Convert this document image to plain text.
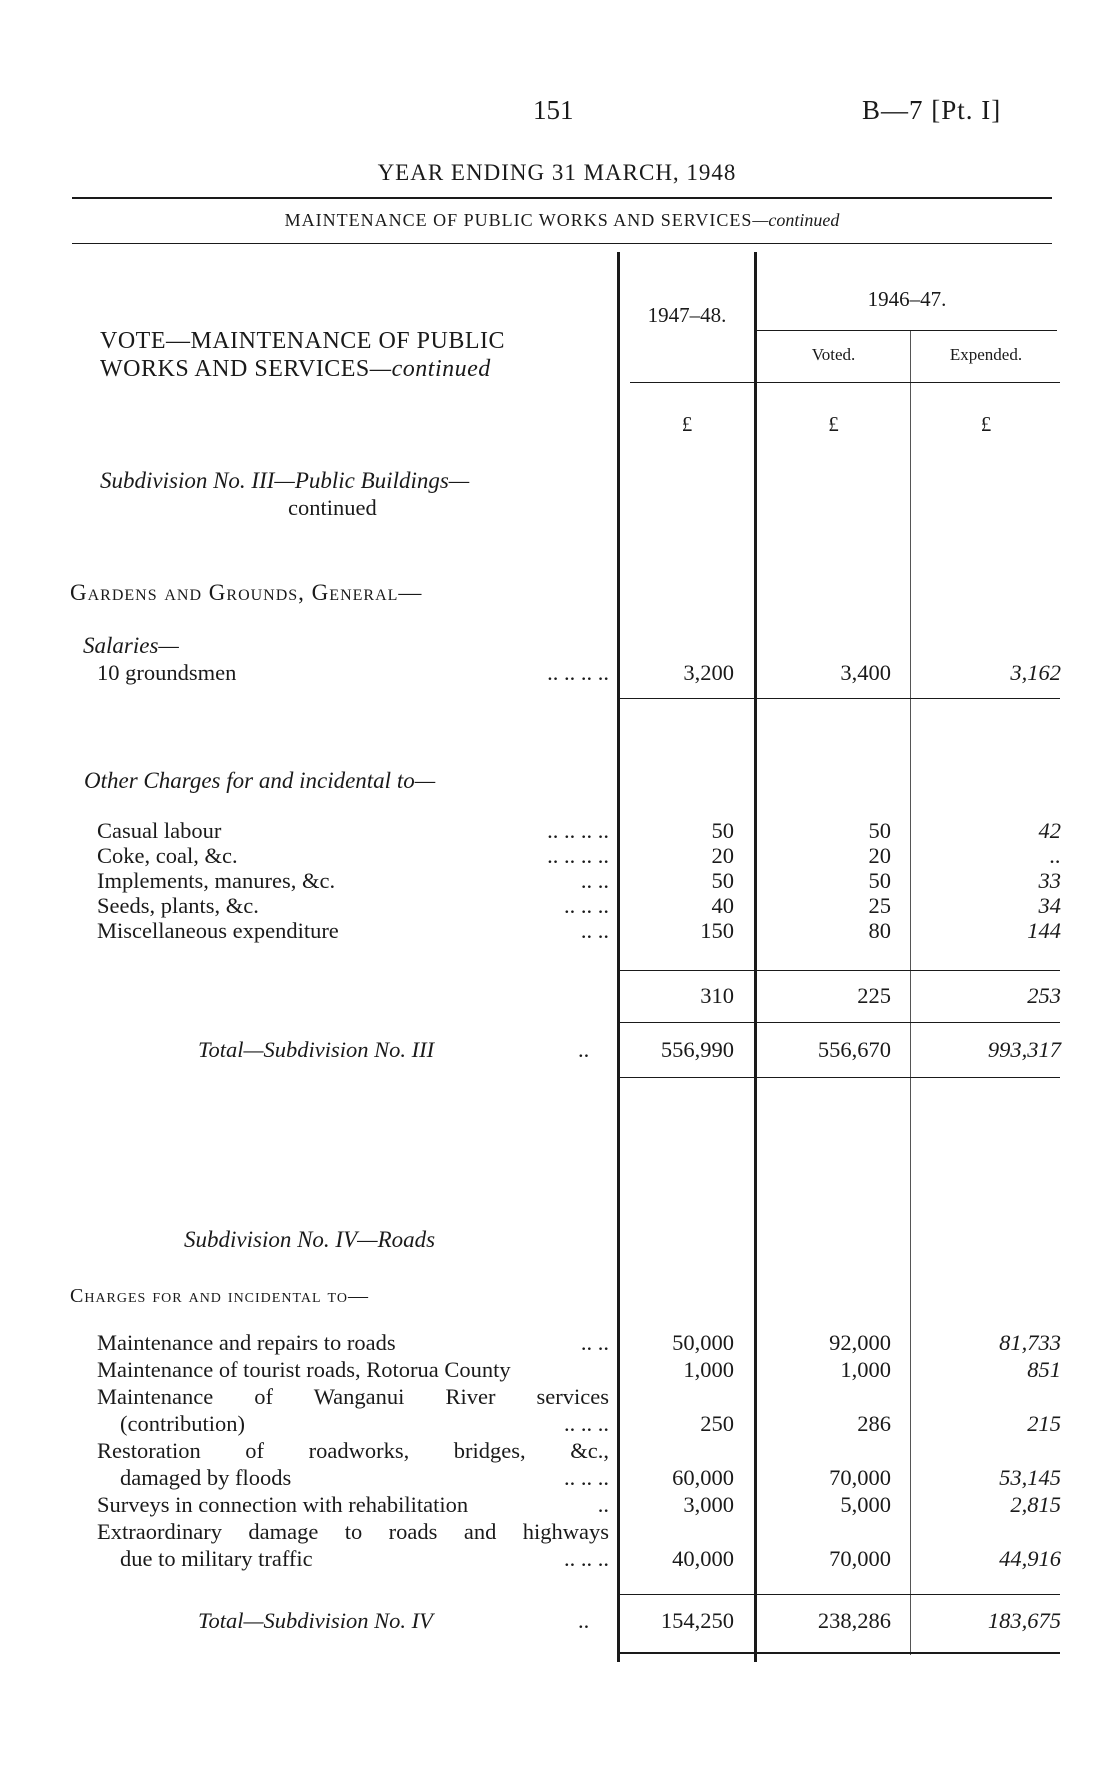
151	B—7 [Pt. I]
YEAR ENDING 31 MARCH, 1948
MAINTENANCE OF PUBLIC WORKS AND SERVICES—continued
VOTE—MAINTENANCE OF PUBLIC
WORKS AND SERVICES—continued
1947–48.
1946–47.
Voted.	Expended.
£	£	£
Subdivision No. III—Public Buildings—
continued
Gardens and Grounds, General—
Salaries—
10 groundsmen	.. .. .. ..	3,200	3,400	3,162
Other Charges for and incidental to—
Casual labour	.. .. .. ..	50	50	42
Coke, coal, &c.	.. .. .. ..	20	20	..
Implements, manures, &c.	.. ..	50	50	33
Seeds, plants, &c.	.. .. ..	40	25	34
Miscellaneous expenditure	.. ..	150	80	144
310	225	253
Total—Subdivision No. III	..	556,990	556,670	993,317
Subdivision No. IV—Roads
Charges for and incidental to—
Maintenance and repairs to roads	.. ..	50,000	92,000	81,733
Maintenance of tourist roads, Rotorua County	1,000	1,000	851
Maintenance of Wanganui River services
(contribution)	.. .. ..	250	286	215
Restoration of roadworks, bridges, &c.,
damaged by floods	.. .. ..	60,000	70,000	53,145
Surveys in connection with rehabilitation	..	3,000	5,000	2,815
Extraordinary damage to roads and highways
due to military traffic	.. .. ..	40,000	70,000	44,916
Total—Subdivision No. IV	..	154,250	238,286	183,675
